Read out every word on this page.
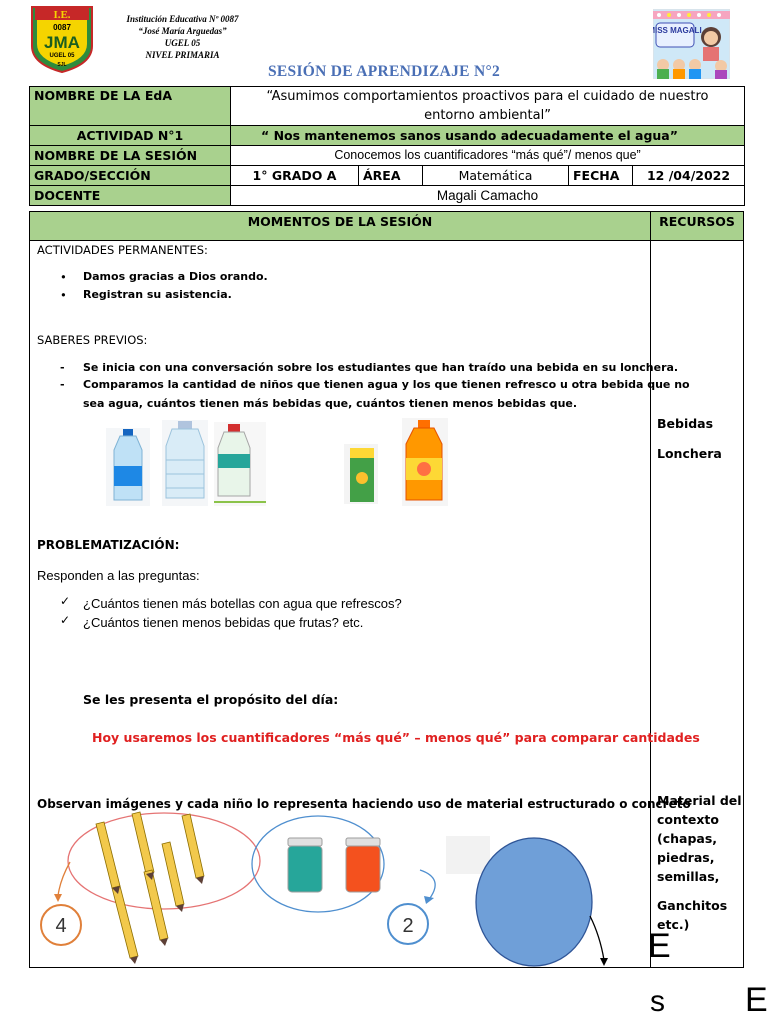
I.E.
0087
JMA
UGEL 05
SJL
Institución Educativa Nº 0087
“José María Arguedas”
UGEL 05
NIVEL PRIMARIA
MISS MAGALI
SESIÓN DE APRENDIZAJE N°2
NOMBRE DE LA EdA	“Asumimos comportamientos proactivos para el cuidado de nuestro entorno ambiental”				
ACTIVIDAD N°1	“ Nos mantenemos sanos usando adecuadamente el agua”				
NOMBRE DE LA SESIÓN	Conocemos los cuantificadores “más qué”/ menos que”				
GRADO/SECCIÓN	1° GRADO A	ÁREA	Matemática	FECHA	12 /04/2022
DOCENTE	Magali Camacho				
MOMENTOS DE LA SESIÓN	RECURSOS
ACTIVIDADES PERMANENTES:
• Damos gracias a Dios orando.
• Registran su asistencia.
SABERES PREVIOS:
- Se inicia con una conversación sobre los estudiantes que han traído una bebida en su lonchera.
- Comparamos la cantidad de niños que tienen agua y los que tienen refresco u otra bebida que no
sea agua, cuántos tienen más bebidas que, cuántos tienen menos bebidas que.
PROBLEMATIZACIÓN:
Responden a las preguntas:
✓ ¿Cuántos tienen más botellas con agua que refrescos?
✓ ¿Cuántos tienen menos bebidas que frutas? etc.
Se les presenta el propósito del día:
Hoy usaremos los cuantificadores “más qué” – menos qué” para comparar cantidades
Observan imágenes y cada niño lo representa haciendo uso de material estructurado o concreto
4	2
Bebidas
Lonchera
Material del
contexto
(chapas,
piedras,
semillas,
Ganchitos
etc.)
E
s E
